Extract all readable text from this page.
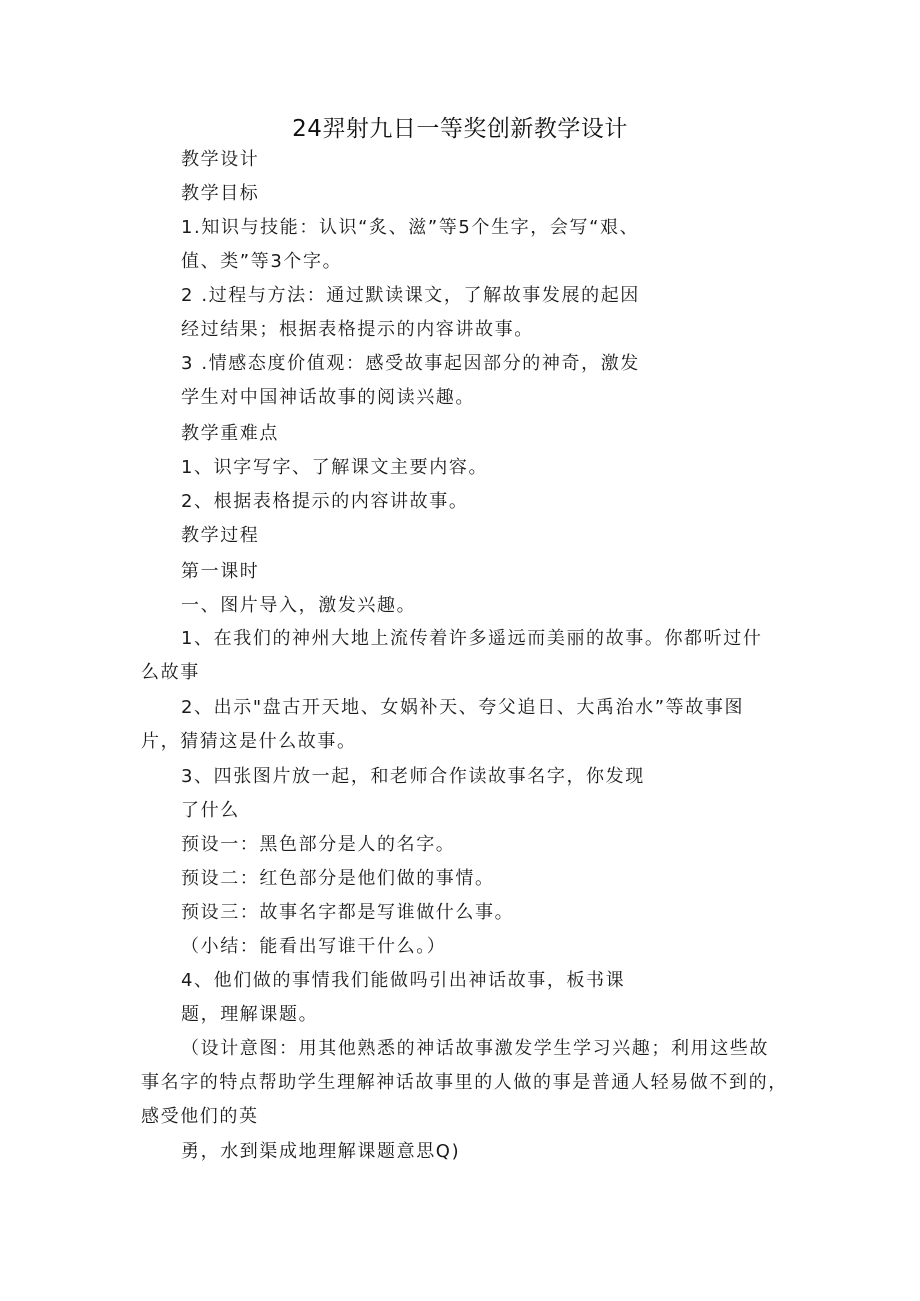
24羿射九日一等奖创新教学设计
教学设计
教学目标
1.知识与技能：认识“炙、滋”等5个生字，会写“艰、
值、类”等3个字。
2 .过程与方法：通过默读课文，了解故事发展的起因
经过结果；根据表格提示的内容讲故事。
3 .情感态度价值观：感受故事起因部分的神奇，激发
学生对中国神话故事的阅读兴趣。
教学重难点
1、识字写字、了解课文主要内容。
2、根据表格提示的内容讲故事。
教学过程
第一课时
一、图片导入，激发兴趣。
1、在我们的神州大地上流传着许多遥远而美丽的故事。你都听过什
么故事
2、出示"盘古开天地、女娲补天、夸父追日、大禹治水”等故事图
片，猜猜这是什么故事。
3、四张图片放一起，和老师合作读故事名字，你发现
了什么
预设一：黑色部分是人的名字。
预设二：红色部分是他们做的事情。
预设三：故事名字都是写谁做什么事。
（小结：能看出写谁干什么。）
4、他们做的事情我们能做吗引出神话故事，板书课
题，理解课题。
（设计意图：用其他熟悉的神话故事激发学生学习兴趣；利用这些故
事名字的特点帮助学生理解神话故事里的人做的事是普通人轻易做不到的，
感受他们的英
勇，水到渠成地理解课题意思Q)
